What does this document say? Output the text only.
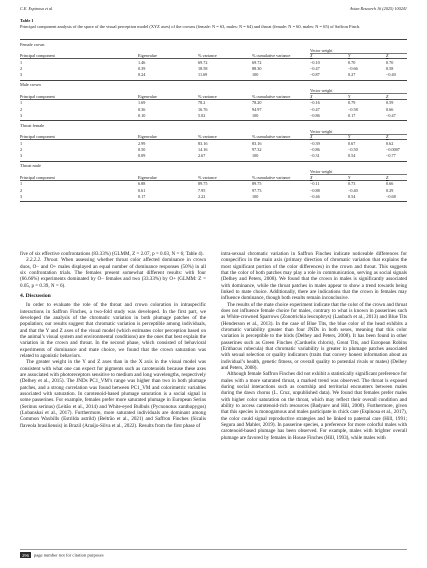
C.E. Espinosa et al.	Avian Research 16 (2025) 100241
Table 1
Principal component analysis of the space of the visual perception model (XYZ axes) of the crowns (female: N = 63, males: N = 64) and throat (female: N = 60, males: N = 65) of Saffron Finch.
Female crown
Principal component	Eigenvalue	% variance	% cumulative variance
Vector weight
X	Y	Z
1	1.46	69.72	69.72	−0.10	0.70	0.70
2	0.39	18.58	88.30	−0.47	−0.66	0.58
3	0.24	11.69	100	−0.87	0.27	−0.40
Male crown
Principal component	Eigenvalue	% variance	% cumulative variance
Vector weight
X	Y	Z
1	1.69	78.2	78.20	−0.16	0.79	0.59
2	0.36	16.76	94.97	−0.47	−0.58	0.66
3	0.10	5.02	100	−0.86	0.17	−0.47
Throat female
Principal component	Eigenvalue	% variance	% cumulative variance
Vector weight
X	Y	Z
1	2.99	83.16	83.16	−0.39	0.67	0.62
2	0.50	14.16	97.32	−0.86	−0.50	−0.0007
3	0.09	2.67	100	−0.31	0.54	−0.77
Throat male
Principal component	Eigenvalue	% variance	% cumulative variance
Vector weight
X	Y	Z
1	6.88	89.75	89.75	−0.11	0.73	0.66
2	0.61	7.95	97.73	−0.88	−0.40	0.29
3	0.17	2.22	100	−0.46	0.54	−0.68

five of six effective confrontations (83.33%) (GLMM, Z = 2.07, p = 0.03, N = 6; Table 4).

3.2.2.2. Throat. When assessing whether throat color affected dominance in crown duos, O− and O+ males displayed an equal number of dominance responses (50%) in all six confrontation trials. The females present somewhat different results: with four (66.66%) experiments dominated by O− females and two (33.33%) by O+ (GLMM: Z = 0.05, p = 0.39, N = 6).

4. Discussion

In order to evaluate the role of the throat and crown coloration in intraspecific interactions in Saffron Finches, a two-fold study was developed. In the first part, we developed the analysis of the chromatic variation in both plumage patches of the population; our results suggest that chromatic variation is perceptible among individuals, and that the Y and Z axes of the visual model (which estimates color perception based on the animal’s visual system and environmental conditions) are the ones that best explain the variation in the crown and throat. In the second phase, which consisted of behavioral experiments of dominance and mate choice, we found that the crown saturation was related to agonistic behaviors.

The greater weight in the Y and Z axes than in the X axis in the visual model was consistent with what one can expect for pigments such as carotenoids because these axes are associated with photoreceptors sensitive to medium and long wavelengths, respectively (Delhey et al., 2015). The JNDs PC1_VM’s range was higher than two in both plumage patches, and a strong correlation was found between PC1_VM and colorimetric variables associated with saturation. In carotenoid-based plumage saturation is a social signal in some passerines. For example, females prefer more saturated plumage in European Serins (Serinus serinus) (Leitão et al., 2014) and White-eyed Bulbuls (Pycnonotus xanthopygos) (Lobanskai et al., 2017). Furthermore, more saturated individuals are dominant among Common Waxbills (Estrilda astrild) (Beltrão et al., 2021) and Saffron Finches (Sicalis flaveola brasiliensis) in Brazil (Araújo-Silva et al., 2022). Results from the first phase of

intra-sexual chromatic variation in Saffron Finches indicate noticeable differences for conspecifics in the main axis (primary direction of chromatic variation that explains the most significant portion of the color differences) in the crown and throat. This suggests that the color of both patches may play a role in communication, serving as social signals (Delhey and Peters, 2008). We found that the crown in males is significantly associated with dominance, while the throat patches in males appear to show a trend towards being linked to mate choice. Additionally, there are indications that the crown in females may influence dominance, though both results remain inconclusive.

The results of the mate choice experiment indicate that the color of the crown and throat does not influence female choice for males, contrary to what is known in passerines such as White-crowned Sparrows (Zonotrichia leucophrys) (Laubach et al., 2013) and Blue Tits (Henderson et al., 2013). In the case of Blue Tits, the blue color of the head exhibits a chromatic variability greater than four JNDs in both sexes, meaning that this color variation is perceptible to the birds (Delhey and Peters, 2008). It has been found in other passerines such as Green Finches (Carduelis chloris), Great Tits, and European Robins (Erithacus rubecula) that chromatic variability is greater in plumage patches associated with sexual selection or quality indicators (traits that convey honest information about an individual’s health, genetic fitness, or overall quality to potential rivals or mates) (Delhey and Peters, 2008).

Although female Saffron Finches did not exhibit a statistically significant preference for males with a more saturated throat, a marked trend was observed. The throat is exposed during social interactions such as courtship and territorial encounters between males during the dawn chorus (L. Cruz, unpublished data). We found that females prefer males with higher color saturation on the throat, which may reflect their overall condition and ability to access carotenoid-rich resources (Badyaev and Hill, 2000). Furthermore, given that this species is monogamous and males participate in chick care (Espinosa et al., 2017), the color could signal reproductive strategies and be linked to paternal care (Hill, 1991; Segura and Mahler, 2019). In passerine species, a preference for more colorful males with carotenoid-based plumage has been observed. For example, males with brighter overall plumage are favored by females in House Finches (Hill, 1993), while males with

296 page number not for citation purposes
